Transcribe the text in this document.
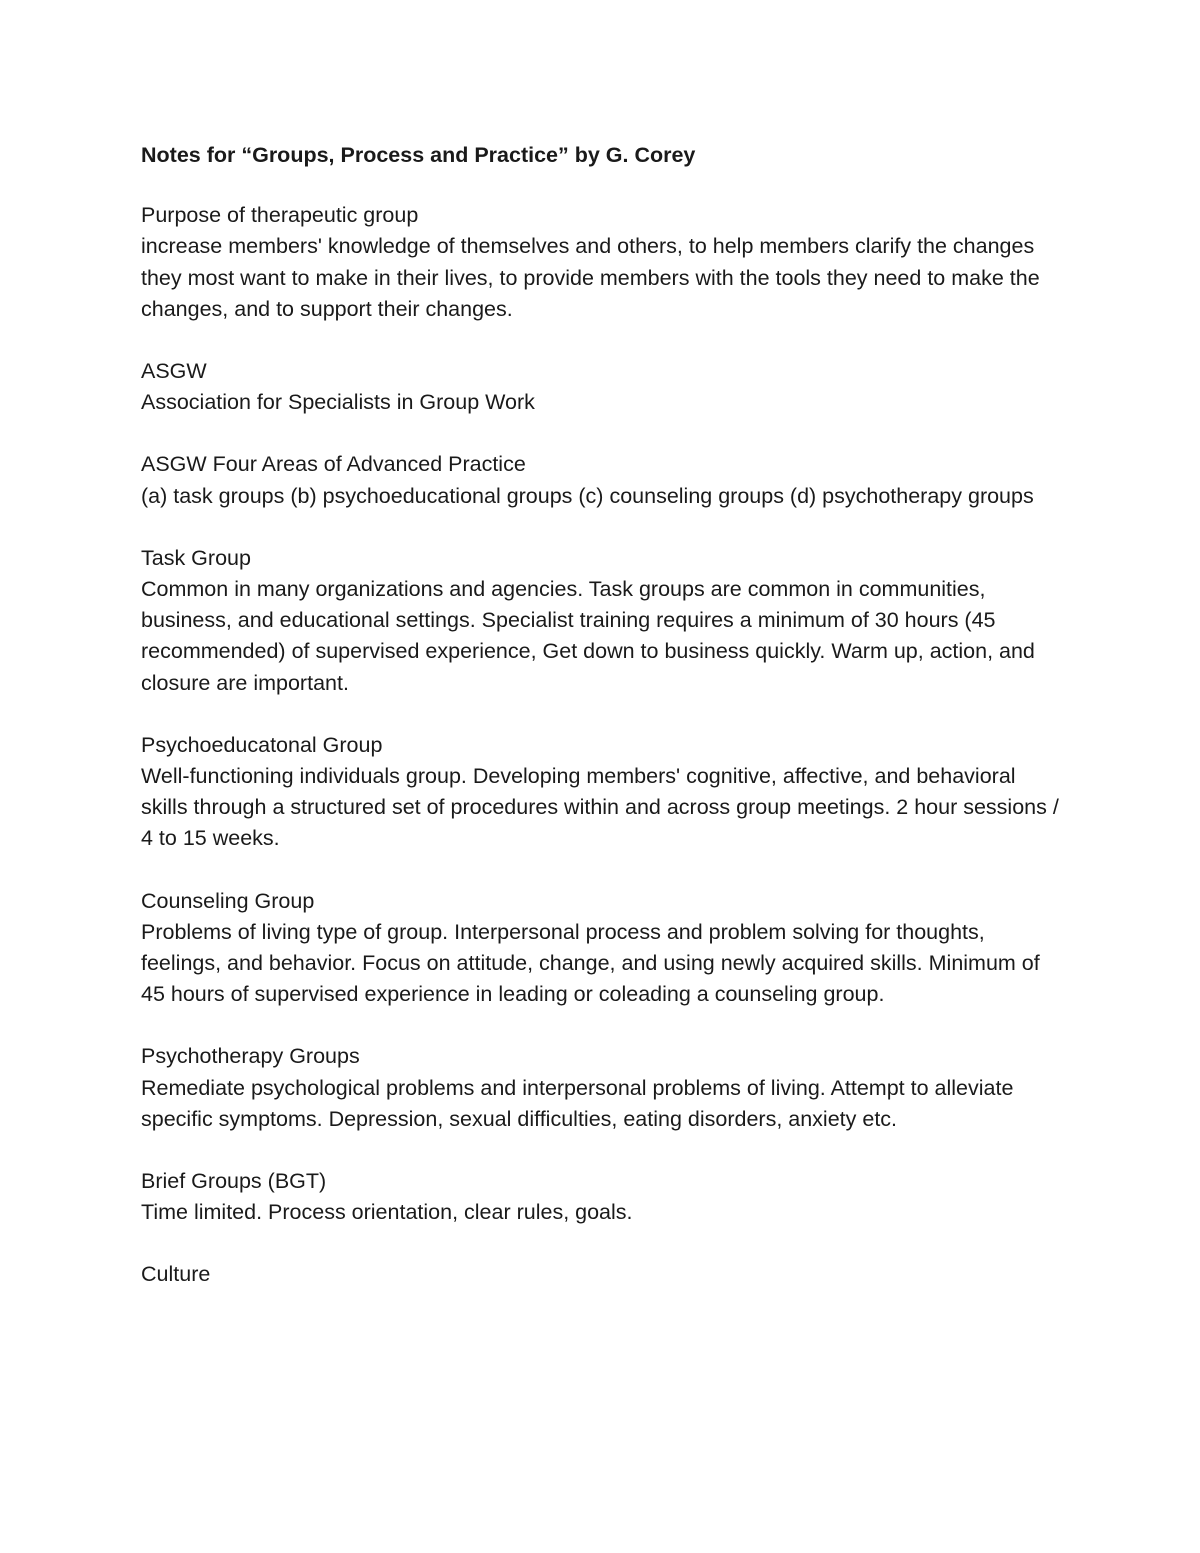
Notes for “Groups, Process and Practice” by G. Corey

Purpose of therapeutic group

increase members' knowledge of themselves and others, to help members clarify the changes they most want to make in their lives, to provide members with the tools they need to make the changes, and to support their changes.

ASGW

Association for Specialists in Group Work

ASGW Four Areas of Advanced Practice

(a) task groups (b) psychoeducational groups (c) counseling groups (d) psychotherapy groups

Task Group

Common in many organizations and agencies. Task groups are common in communities, business, and educational settings. Specialist training requires a minimum of 30 hours (45 recommended) of supervised experience, Get down to business quickly. Warm up, action, and closure are important.

Psychoeducatonal Group

Well-functioning individuals group. Developing members' cognitive, affective, and behavioral skills through a structured set of procedures within and across group meetings. 2 hour sessions / 4 to 15 weeks.

Counseling Group

Problems of living type of group. Interpersonal process and problem solving for thoughts, feelings, and behavior. Focus on attitude, change, and using newly acquired skills. Minimum of 45 hours of supervised experience in leading or coleading a counseling group.

Psychotherapy Groups

Remediate psychological problems and interpersonal problems of living. Attempt to alleviate specific symptoms. Depression, sexual difficulties, eating disorders, anxiety etc.

Brief Groups (BGT)

Time limited. Process orientation, clear rules, goals.

Culture
